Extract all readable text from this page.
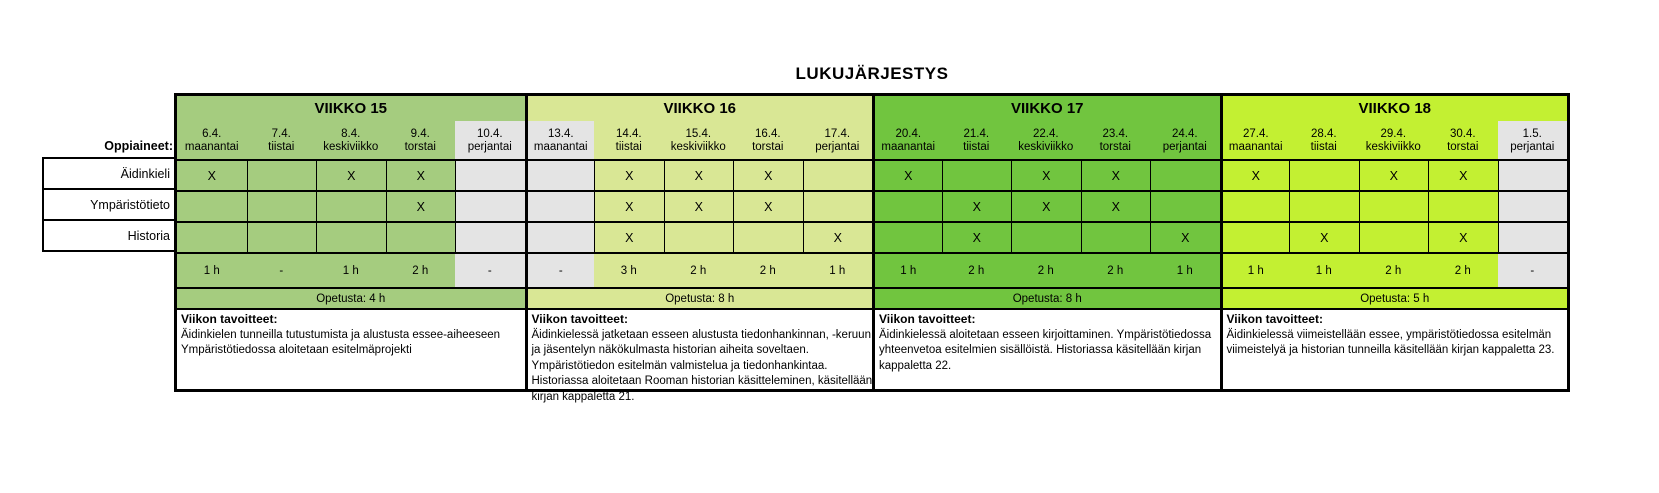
LUKUJÄRJESTYS
Oppiaineet:
Äidinkieli
Ympäristötieto
Historia
VIIKKO 15
6.4.
maanantai
X
1 h
7.4.
tiistai
-
8.4.
keskiviikko
X
1 h
9.4.
torstai
X
X
2 h
10.4.
perjantai
-
Opetusta: 4 h
Viikon tavoitteet:
Äidinkielen tunneilla tutustumista ja alustusta essee-aiheeseen
Ympäristötiedossa aloitetaan esitelmäprojekti
VIIKKO 16
13.4.
maanantai
-
14.4.
tiistai
X
X
X
3 h
15.4.
keskiviikko
X
X
2 h
16.4.
torstai
X
X
2 h
17.4.
perjantai
X
1 h
Opetusta: 8 h
Viikon tavoitteet:
Äidinkielessä jatketaan esseen alustusta tiedonhankinnan, -keruun
ja jäsentelyn näkökulmasta historian aiheita soveltaen.
Ympäristötiedon esitelmän valmistelua ja tiedonhankintaa.
Historiassa aloitetaan Rooman historian käsitteleminen, käsitellään
kirjan kappaletta 21.
VIIKKO 17
20.4.
maanantai
X
1 h
21.4.
tiistai
X
X
2 h
22.4.
keskiviikko
X
X
2 h
23.4.
torstai
X
X
2 h
24.4.
perjantai
X
1 h
Opetusta: 8 h
Viikon tavoitteet:
Äidinkielessä aloitetaan esseen kirjoittaminen. Ympäristötiedossa
yhteenvetoa esitelmien sisällöistä. Historiassa käsitellään kirjan
kappaletta 22.
VIIKKO 18
27.4.
maanantai
X
1 h
28.4.
tiistai
X
1 h
29.4.
keskiviikko
X
2 h
30.4.
torstai
X
X
2 h
1.5.
perjantai
-
Opetusta: 5 h
Viikon tavoitteet:
Äidinkielessä viimeistellään essee, ympäristötiedossa esitelmän
viimeistelyä ja historian tunneilla käsitellään kirjan kappaletta 23.
